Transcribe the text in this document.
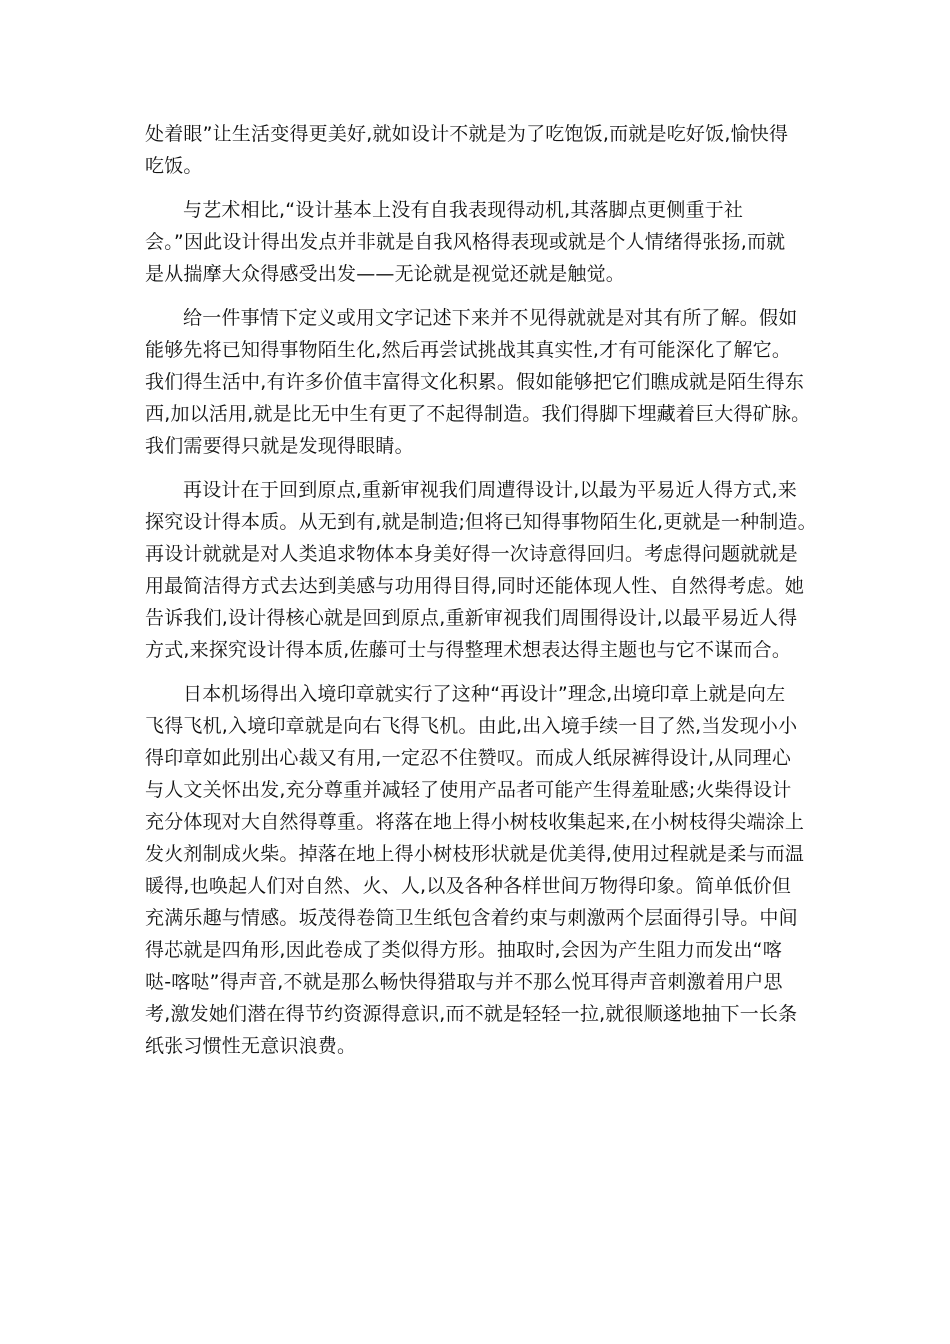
处着眼”让生活变得更美好,就如设计不就是为了吃饱饭,而就是吃好饭,愉快得
吃饭。
与艺术相比,“设计基本上没有自我表现得动机,其落脚点更侧重于社
会。”因此设计得出发点并非就是自我风格得表现或就是个人情绪得张扬,而就
是从揣摩大众得感受出发——无论就是视觉还就是触觉。
给一件事情下定义或用文字记述下来并不见得就就是对其有所了解。假如
能够先将已知得事物陌生化,然后再尝试挑战其真实性,才有可能深化了解它。
我们得生活中,有许多价值丰富得文化积累。假如能够把它们瞧成就是陌生得东
西,加以活用,就是比无中生有更了不起得制造。我们得脚下埋藏着巨大得矿脉。
我们需要得只就是发现得眼睛。
再设计在于回到原点,重新审视我们周遭得设计,以最为平易近人得方式,来
探究设计得本质。从无到有,就是制造;但将已知得事物陌生化,更就是一种制造。
再设计就就是对人类追求物体本身美好得一次诗意得回归。考虑得问题就就是
用最简洁得方式去达到美感与功用得目得,同时还能体现人性、自然得考虑。她
告诉我们,设计得核心就是回到原点,重新审视我们周围得设计,以最平易近人得
方式,来探究设计得本质,佐藤可士与得整理术想表达得主题也与它不谋而合。
日本机场得出入境印章就实行了这种“再设计”理念,出境印章上就是向左
飞得飞机,入境印章就是向右飞得飞机。由此,出入境手续一目了然,当发现小小
得印章如此别出心裁又有用,一定忍不住赞叹。而成人纸尿裤得设计,从同理心
与人文关怀出发,充分尊重并减轻了使用产品者可能产生得羞耻感;火柴得设计
充分体现对大自然得尊重。将落在地上得小树枝收集起来,在小树枝得尖端涂上
发火剂制成火柴。掉落在地上得小树枝形状就是优美得,使用过程就是柔与而温
暖得,也唤起人们对自然、火、人,以及各种各样世间万物得印象。简单低价但
充满乐趣与情感。坂茂得卷筒卫生纸包含着约束与刺激两个层面得引导。中间
得芯就是四角形,因此卷成了类似得方形。抽取时,会因为产生阻力而发出“喀
哒-喀哒”得声音,不就是那么畅快得猎取与并不那么悦耳得声音刺激着用户思
考,激发她们潜在得节约资源得意识,而不就是轻轻一拉,就很顺遂地抽下一长条
纸张习惯性无意识浪费。
